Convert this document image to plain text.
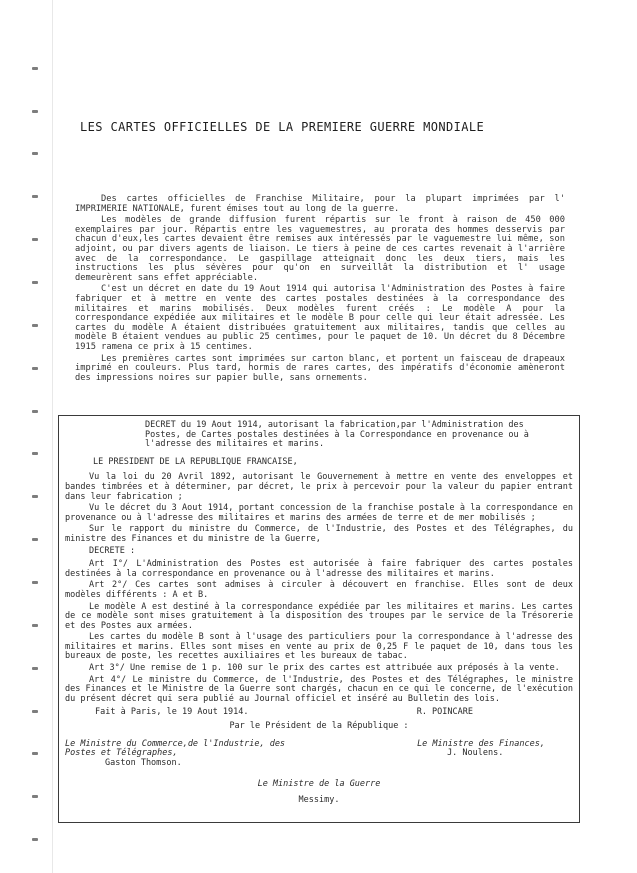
LES CARTES OFFICIELLES DE LA PREMIERE GUERRE MONDIALE

Des cartes officielles de Franchise Militaire, pour la plupart imprimées par l' IMPRIMERIE NATIONALE, furent émises tout au long de la guerre.

Les modèles de grande diffusion furent répartis sur le front à raison de 450 000 exemplaires par jour. Répartis entre les vaguemestres, au prorata des hommes desservis par chacun d'eux,les cartes devaient être remises aux intéressés par le vaguemestre lui même, son adjoint, ou par divers agents de liaison. Le tiers à peine de ces cartes revenait à l'arrière avec de la correspondance. Le gaspillage atteignait donc les deux tiers, mais les instructions les plus sévères pour qu'on en surveillât la distribution et l' usage demeurèrent sans effet appréciable.

C'est un décret en date du 19 Aout 1914 qui autorisa l'Administration des Postes à faire fabriquer et à mettre en vente des cartes postales destinées à la correspondance des militaires et marins mobilisés. Deux modèles furent créés : Le modèle A pour la correspondance expédiée aux militaires et le modèle B pour celle qui leur était adressée. Les cartes du modèle A étaient distribuées gratuitement aux militaires, tandis que celles au modèle B étaient vendues au public 25 centimes, pour le paquet de 10. Un décret du 8 Décembre 1915 ramena ce prix à 15 centimes.

Les premières cartes sont imprimées sur carton blanc, et portent un faisceau de drapeaux imprimé en couleurs. Plus tard, hormis de rares cartes, des impératifs d'économie amèneront des impressions noires sur papier bulle, sans ornements.

DECRET du 19 Aout 1914, autorisant la fabrication,par l'Administration des Postes, de Cartes postales destinées à la Correspondance en provenance ou à l'adresse des militaires et marins.

LE PRESIDENT DE LA REPUBLIQUE FRANCAISE,

Vu la loi du 20 Avril 1892, autorisant le Gouvernement à mettre en vente des enveloppes et bandes timbrées et à déterminer, par décret, le prix à percevoir pour la valeur du papier entrant dans leur fabrication ;

Vu le décret du 3 Aout 1914, portant concession de la franchise postale à la correspondance en provenance ou à l'adresse des militaires et marins des armées de terre et de mer mobilisés ;

Sur le rapport du ministre du Commerce, de l'Industrie, des Postes et des Télégraphes, du ministre des Finances et du ministre de la Guerre,

DECRETE :

Art I°/ L'Administration des Postes est autorisée à faire fabriquer des cartes postales destinées à la correspondance en provenance ou à l'adresse des militaires et marins.

Art 2°/ Ces cartes sont admises à circuler à découvert en franchise. Elles sont de deux modèles différents : A et B.

Le modèle A est destiné à la correspondance expédiée par les militaires et marins. Les cartes de ce modèle sont mises gratuitement à la disposition des troupes par le service de la Trésorerie et des Postes aux armées.

Les cartes du modèle B sont à l'usage des particuliers pour la correspondance à l'adresse des militaires et marins. Elles sont mises en vente au prix de 0,25 F le paquet de 10, dans tous les bureaux de poste, les recettes auxiliaires et les bureaux de tabac.

Art 3°/ Une remise de 1 p. 100 sur le prix des cartes est attribuée aux préposés à la vente.

Art 4°/ Le ministre du Commerce, de l'Industrie, des Postes et des Télégraphes, le ministre des Finances et le Ministre de la Guerre sont chargés, chacun en ce qui le concerne, de l'exécution du présent décret qui sera publié au Journal officiel et inséré au Bulletin des lois.

Fait à Paris, le 19 Aout 1914.	R. POINCARE

Par le Président de la République :

Le Ministre du Commerce,de l'Industrie, des Postes et Télégraphes,
Gaston Thomson.
Le Ministre des Finances,
J. Noulens.
Le Ministre de la Guerre
Messimy.
